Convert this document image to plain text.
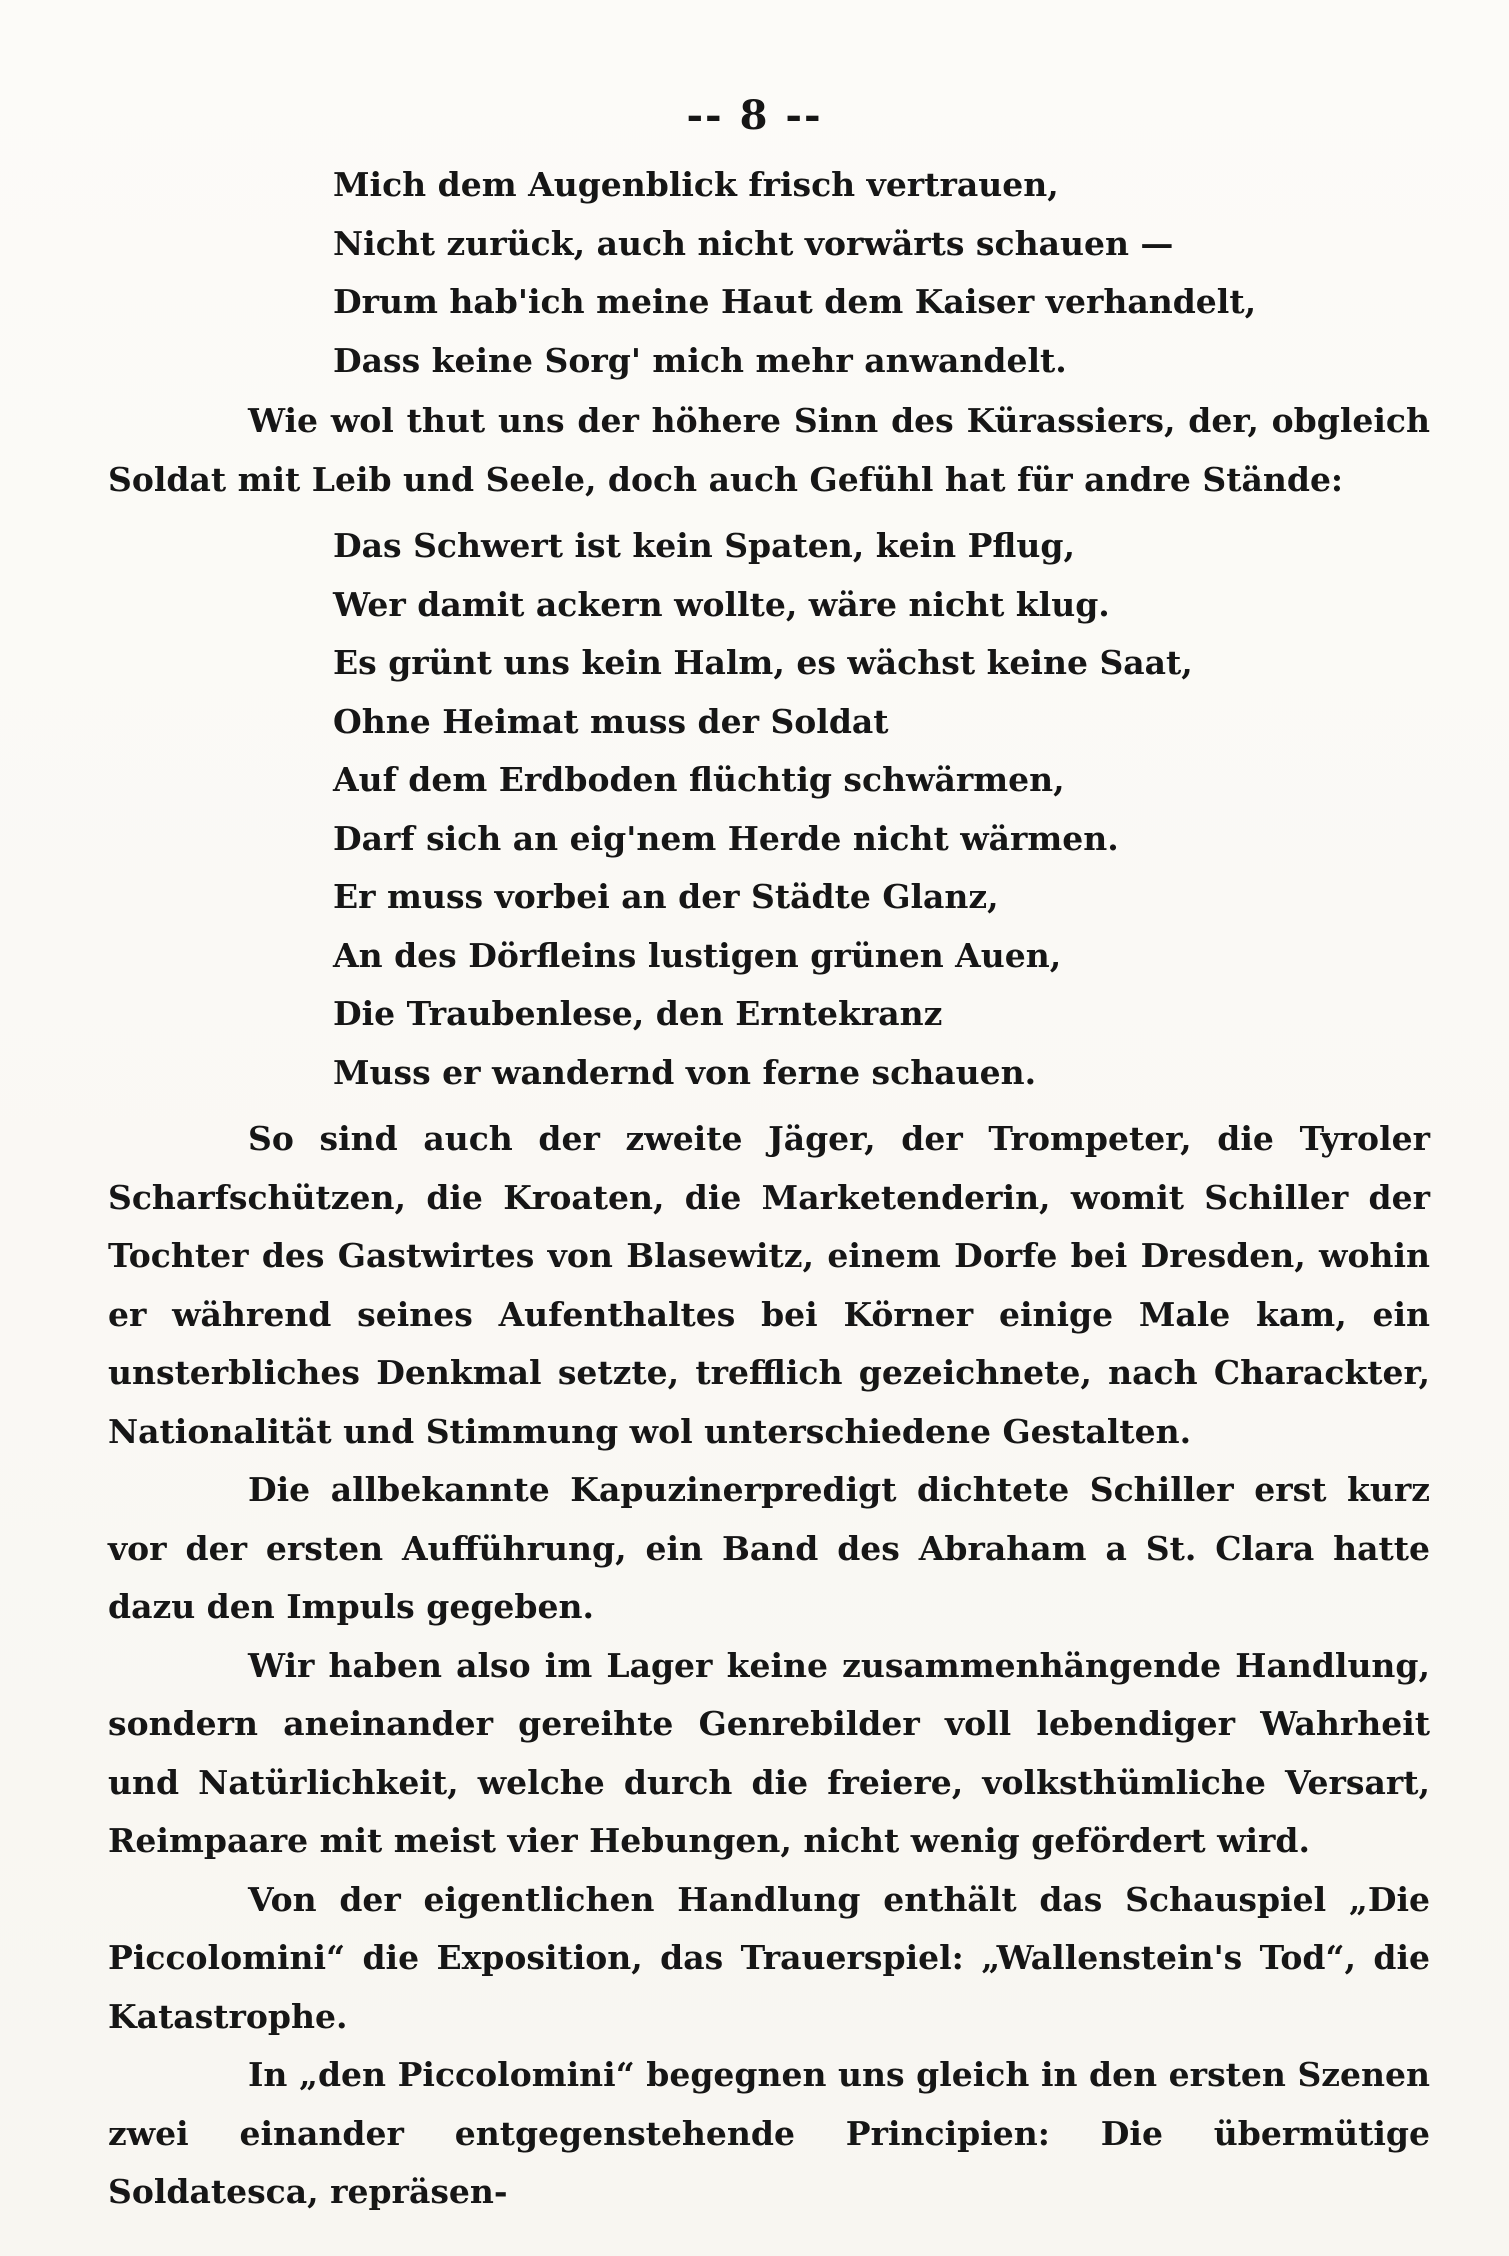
-- 8 --
Mich dem Augenblick frisch vertrauen,
Nicht zurück, auch nicht vorwärts schauen —
Drum hab'ich meine Haut dem Kaiser verhandelt,
Dass keine Sorg' mich mehr anwandelt.

Wie wol thut uns der höhere Sinn des Kürassiers, der, obgleich Soldat mit Leib und Seele, doch auch Gefühl hat für andre Stände:

Das Schwert ist kein Spaten, kein Pflug,
Wer damit ackern wollte, wäre nicht klug.
Es grünt uns kein Halm, es wächst keine Saat,
Ohne Heimat muss der Soldat
Auf dem Erdboden flüchtig schwärmen,
Darf sich an eig'nem Herde nicht wärmen.
Er muss vorbei an der Städte Glanz,
An des Dörfleins lustigen grünen Auen,
Die Traubenlese, den Erntekranz
Muss er wandernd von ferne schauen.

So sind auch der zweite Jäger, der Trompeter, die Tyroler Scharfschützen, die Kroaten, die Marketenderin, womit Schiller der Tochter des Gastwirtes von Blasewitz, einem Dorfe bei Dresden, wohin er während seines Aufenthaltes bei Körner einige Male kam, ein unsterbliches Denkmal setzte, trefflich gezeichnete, nach Charackter, Nationalität und Stimmung wol unterschiedene Gestalten.

Die allbekannte Kapuzinerpredigt dichtete Schiller erst kurz vor der ersten Aufführung, ein Band des Abraham a St. Clara hatte dazu den Impuls gegeben.

Wir haben also im Lager keine zusammenhängende Handlung, sondern aneinander gereihte Genrebilder voll lebendiger Wahrheit und Natürlichkeit, welche durch die freiere, volksthümliche Versart, Reimpaare mit meist vier Hebungen, nicht wenig gefördert wird.

Von der eigentlichen Handlung enthält das Schauspiel „Die Piccolomini“ die Exposition, das Trauerspiel: „Wallenstein's Tod“, die Katastrophe.

In „den Piccolomini“ begegnen uns gleich in den ersten Szenen zwei einander entgegenstehende Principien: Die übermütige Soldatesca, repräsen-
